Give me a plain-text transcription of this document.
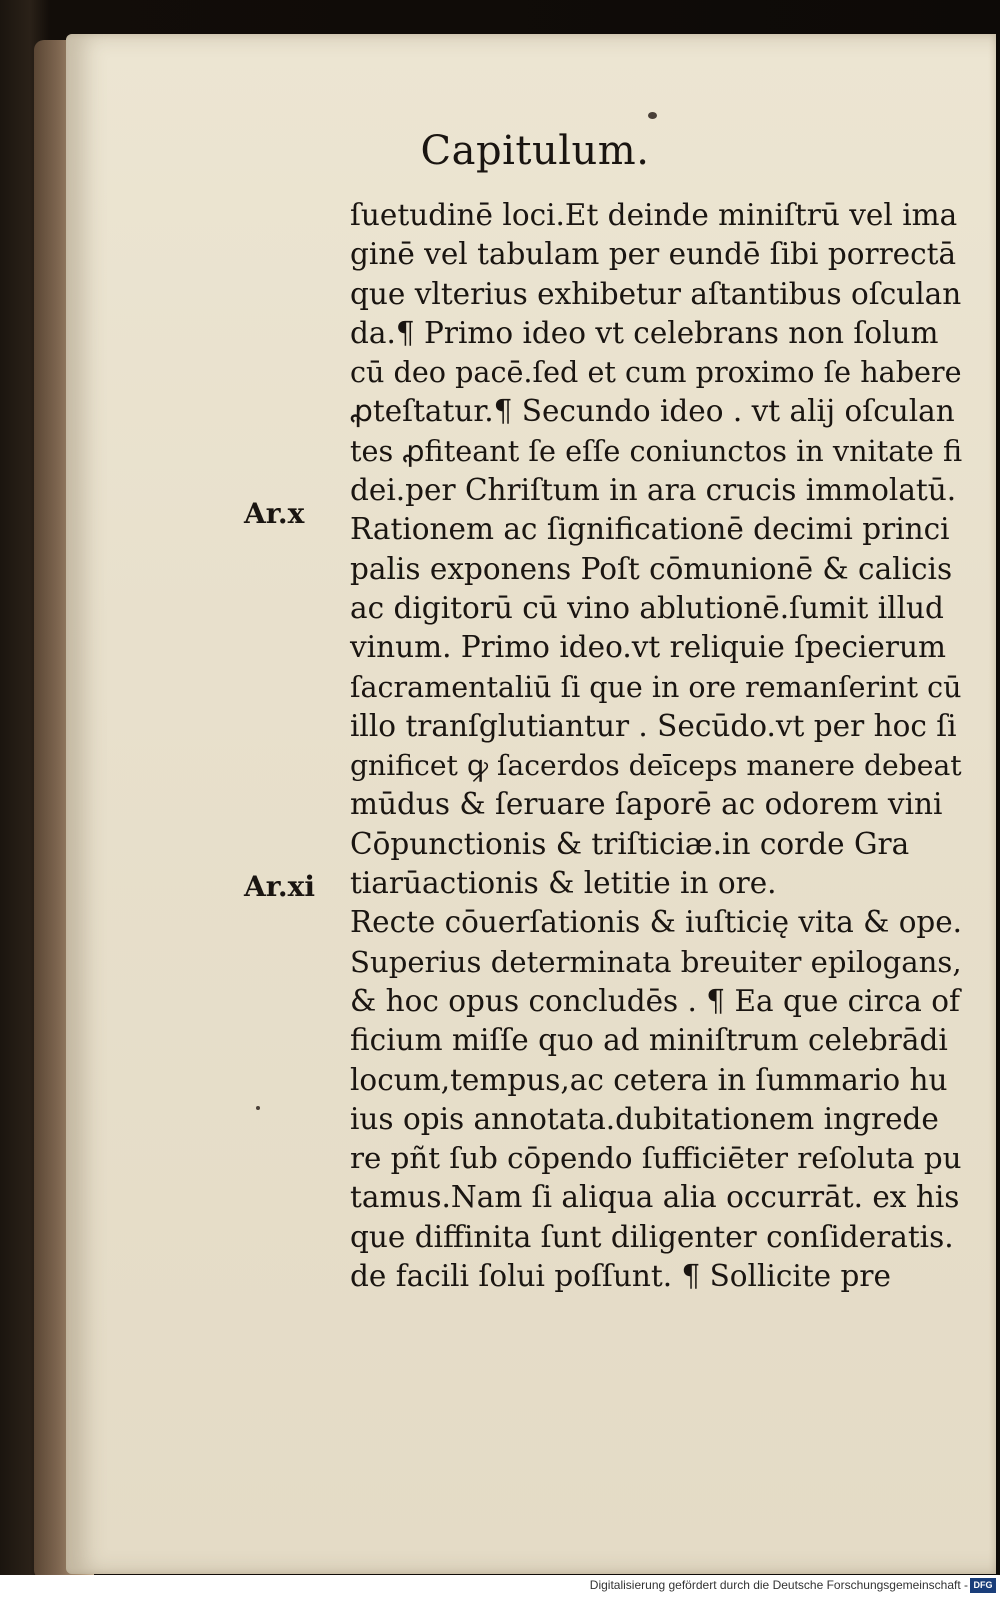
Capitulum.
Ar.x
Ar.xi
ſuetudinē loci.Et deinde miniſtrū vel ima
ginē vel tabulam per eundē ſibi porrectā
que vlterius exhibetur aſtantibus oſculan
da.¶ Primo ideo vt celebrans non ſolum
cū deo pacē.ſed et cum proximo ſe habere
ꝓteſtatur.¶ Secundo ideo . vt alij oſculan
tes ꝓfiteant ſe eſſe coniunctos in vnitate fi
dei.per Chriſtum in ara crucis immolatū.
Rationem ac ſignificationē decimi princi
palis exponens Poſt cōmunionē & calicis
ac digitorū cū vino ablutionē.ſumit illud
vinum. Primo ideo.vt reliquie ſpecierum
ſacramentaliū ſi que in ore remanſerint cū
illo tranſglutiantur . Secūdo.vt per hoc ſi
gnificet ꝙ ſacerdos deīceps manere debeat
mūdus & ſeruare ſaporē ac odorem vini
Cōpunctionis & triſticiæ.in corde Gra
tiarūactionis & letitie in ore.
Recte cōuerſationis & iuſticię vita & ope.
Superius determinata breuiter epilogans,
& hoc opus concludēs . ¶ Ea que circa of
ficium miſſe quo ad miniſtrum celebrādi
locum,tempus,ac cetera in ſummario hu
ius opis annotata.dubitationem ingrede
re pñt ſub cōpendo ſufficiēter reſoluta pu
tamus.Nam ſi aliqua alia occurrāt. ex his
que diffinita ſunt diligenter conſideratis.
de facili ſolui poſſunt. ¶ Sollicite pre
Digitalisierung gefördert durch die Deutsche Forschungsgemeinschaft - DFG
